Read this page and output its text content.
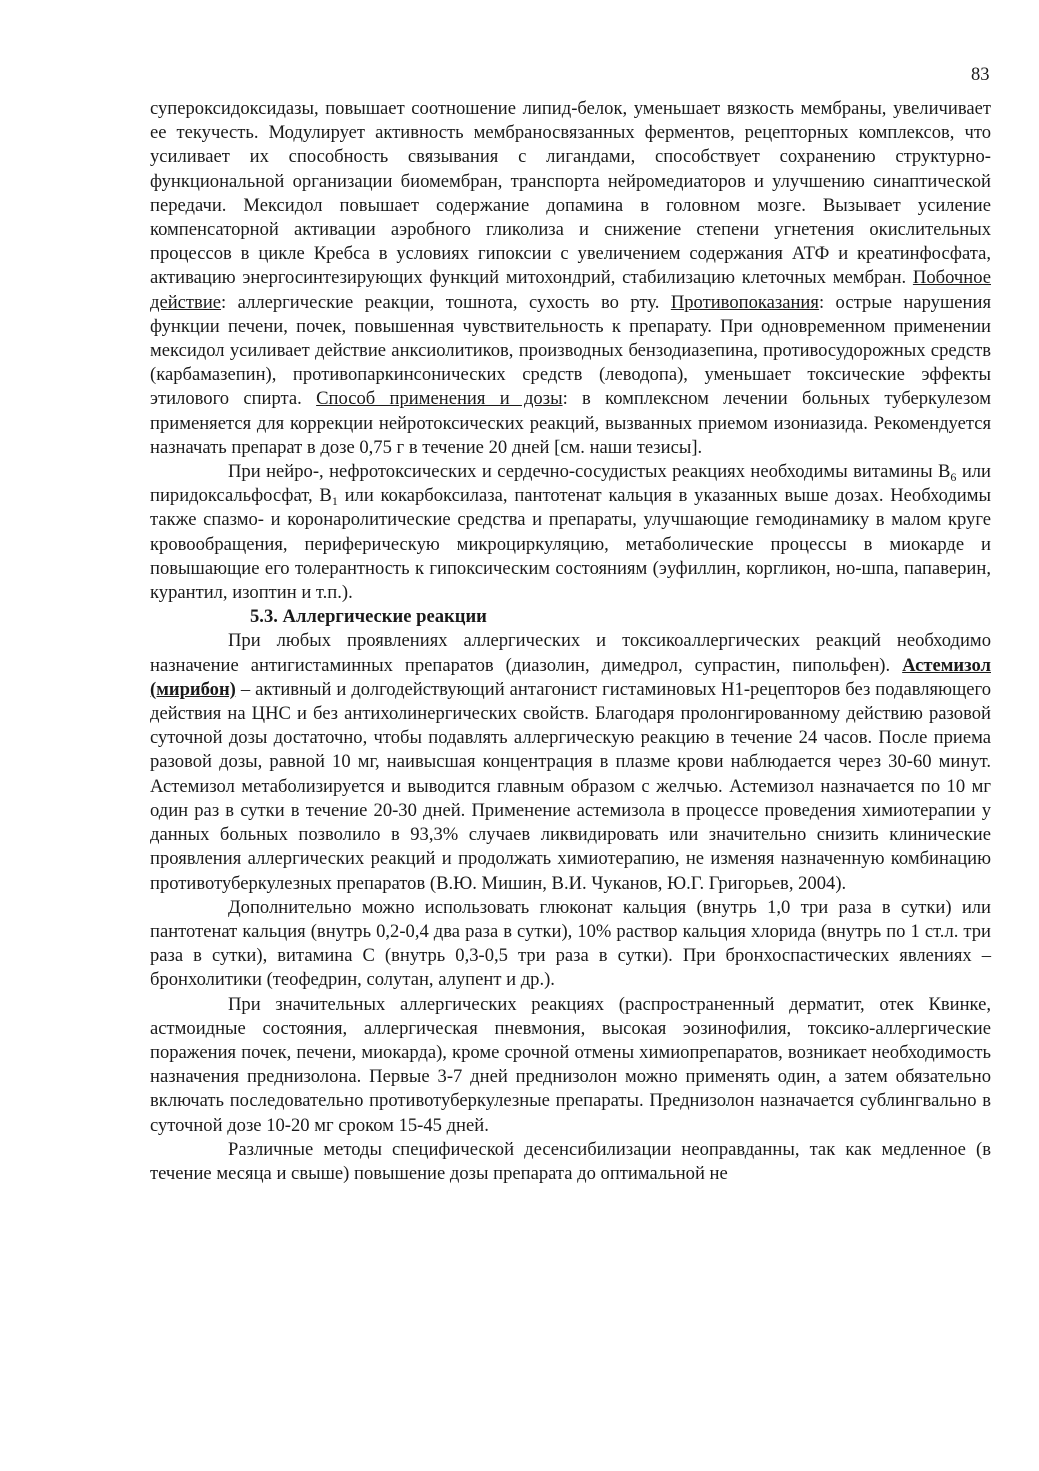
83

супероксидоксидазы, повышает соотношение липид-белок, уменьшает вязкость мембраны, увеличивает ее текучесть. Модулирует активность мембраносвязанных ферментов, рецепторных комплексов, что усиливает их способность связывания с лигандами, способствует сохранению структурно-функциональной организации биомембран, транспорта нейромедиаторов и улучшению синаптической передачи. Мексидол повышает содержание допамина в головном мозге. Вызывает усиление компенсаторной активации аэробного гликолиза и снижение степени угнетения окислительных процессов в цикле Кребса в условиях гипоксии с увеличением содержания АТФ и креатинфосфата, активацию энергосинтезирующих функций митохондрий, стабилизацию клеточных мембран. Побочное действие: аллергические реакции, тошнота, сухость во рту. Противопоказания: острые нарушения функции печени, почек, повышенная чувствительность к препарату. При одновременном применении мексидол усиливает действие анксиолитиков, производных бензодиазепина, противосудорожных средств (карбамазепин), противопаркинсонических средств (леводопа), уменьшает токсические эффекты этилового спирта. Способ применения и дозы: в комплексном лечении больных туберкулезом применяется для коррекции нейротоксических реакций, вызванных приемом изониазида. Рекомендуется назначать препарат в дозе 0,75 г в течение 20 дней [см. наши тезисы].

При нейро-, нефротоксических и сердечно-сосудистых реакциях необходимы витамины $В_6$ или пиридоксальфосфат, $В_1$ или кокарбоксилаза, пантотенат кальция в указанных выше дозах. Необходимы также спазмо- и коронаролитические средства и препараты, улучшающие гемодинамику в малом круге кровообращения, периферическую микроциркуляцию, метаболические процессы в миокарде и повышающие его толерантность к гипоксическим состояниям (эуфиллин, коргликон, но-шпа, папаверин, курантил, изоптин и т.п.).

5.3. Аллергические реакции

При любых проявлениях аллергических и токсикоаллергических реакций необходимо назначение антигистаминных препаратов (диазолин, димедрол, супрастин, пипольфен). Астемизол (мирибон) – активный и долгодействующий антагонист гистаминовых Н1-рецепторов без подавляющего действия на ЦНС и без антихолинергических свойств. Благодаря пролонгированному действию разовой суточной дозы достаточно, чтобы подавлять аллергическую реакцию в течение 24 часов. После приема разовой дозы, равной 10 мг, наивысшая концентрация в плазме крови наблюдается через 30-60 минут. Астемизол метаболизируется и выводится главным образом с желчью. Астемизол назначается по 10 мг один раз в сутки в течение 20-30 дней. Применение астемизола в процессе проведения химиотерапии у данных больных позволило в 93,3% случаев ликвидировать или значительно снизить клинические проявления аллергических реакций и продолжать химиотерапию, не изменяя назначенную комбинацию противотуберкулезных препаратов (В.Ю. Мишин, В.И. Чуканов, Ю.Г. Григорьев, 2004).

Дополнительно можно использовать глюконат кальция (внутрь 1,0 три раза в сутки) или пантотенат кальция (внутрь 0,2-0,4 два раза в сутки), 10% раствор кальция хлорида (внутрь по 1 ст.л. три раза в сутки), витамина С (внутрь 0,3-0,5 три раза в сутки). При бронхоспастических явлениях – бронхолитики (теофедрин, солутан, алупент и др.).

При значительных аллергических реакциях (распространенный дерматит, отек Квинке, астмоидные состояния, аллергическая пневмония, высокая эозинофилия, токсико-аллергические поражения почек, печени, миокарда), кроме срочной отмены химиопрепаратов, возникает необходимость назначения преднизолона. Первые 3-7 дней преднизолон можно применять один, а затем обязательно включать последовательно противотуберкулезные препараты. Преднизолон назначается сублингвально в суточной дозе 10-20 мг сроком 15-45 дней.

Различные методы специфической десенсибилизации неоправданны, так как медленное (в течение месяца и свыше) повышение дозы препарата до оптимальной не
